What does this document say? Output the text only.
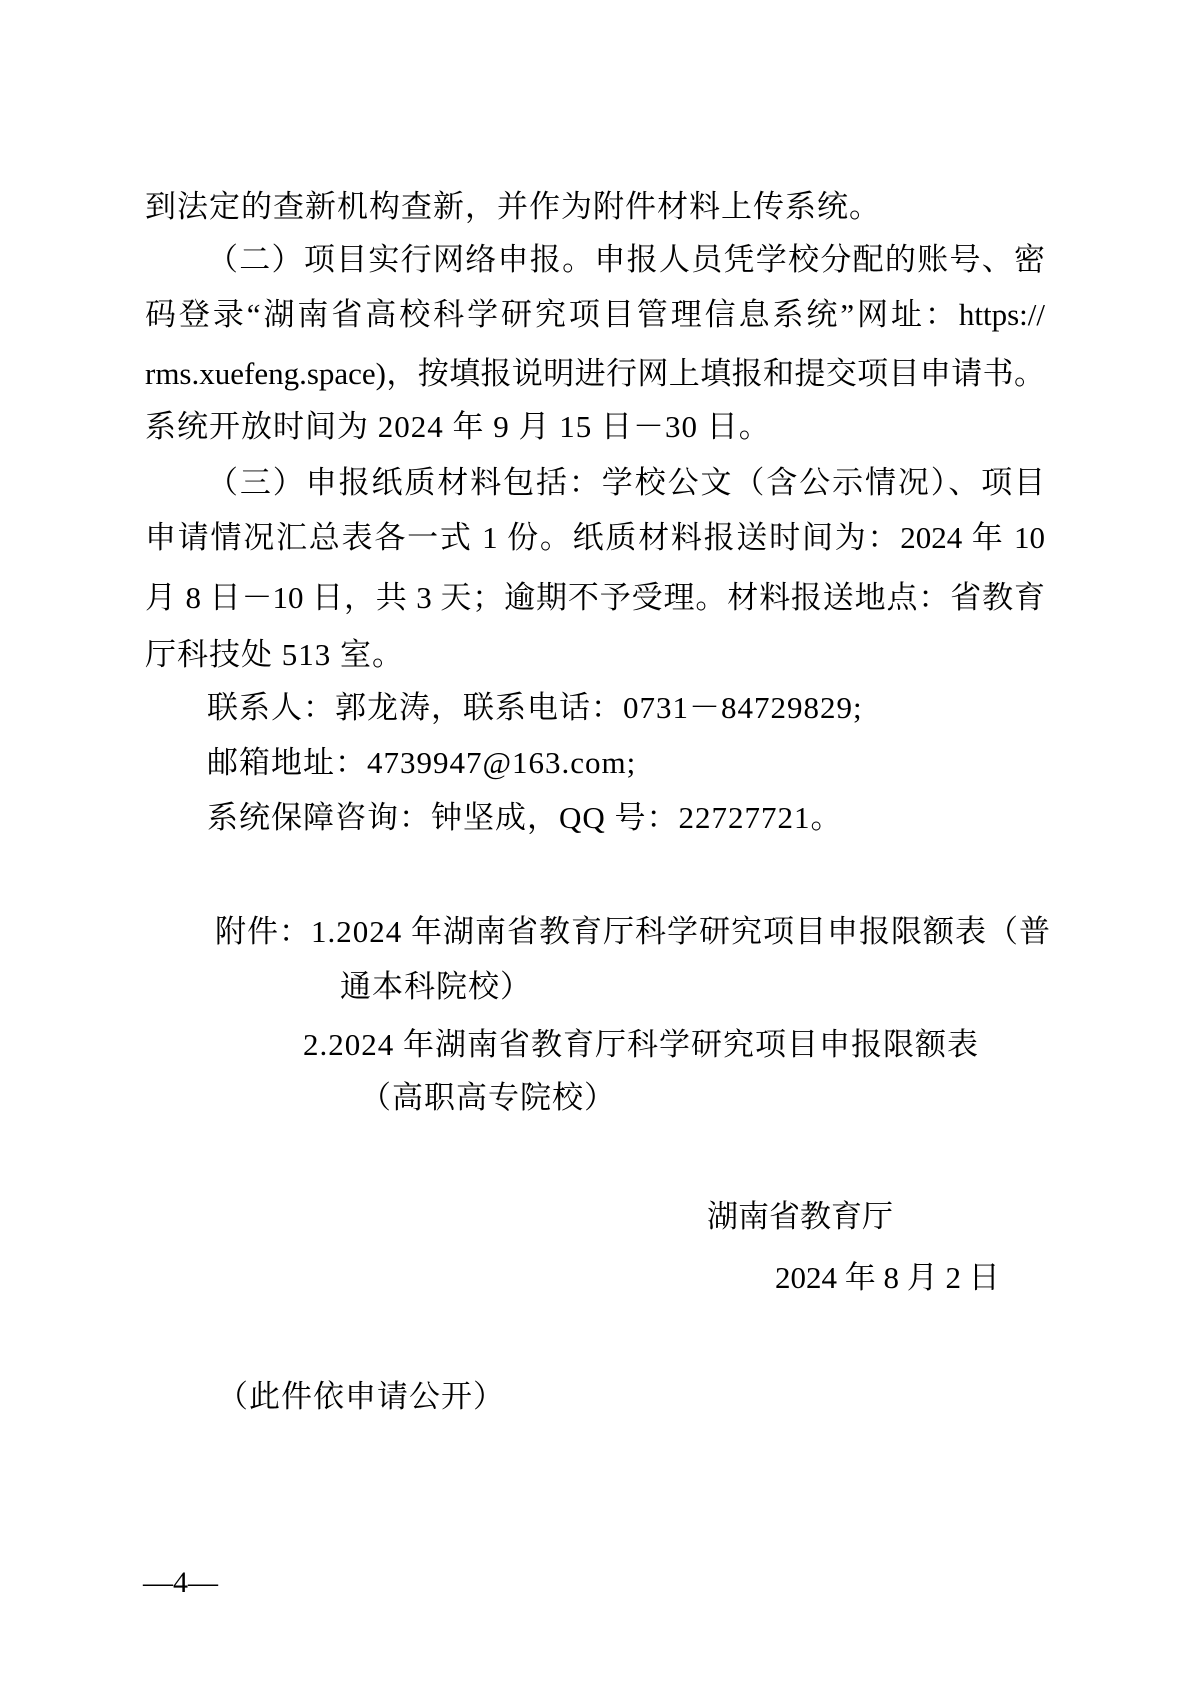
到法定的查新机构查新，并作为附件材料上传系统。
（二）项目实行网络申报。申报人员凭学校分配的账号、密
码登录“湖南省高校科学研究项目管理信息系统”网址：https://
rms.xuefeng.space)，按填报说明进行网上填报和提交项目申请书。
系统开放时间为 2024 年 9 月 15 日－30 日。
（三）申报纸质材料包括：学校公文（含公示情况）、项目
申请情况汇总表各一式 1 份。纸质材料报送时间为：2024 年 10
月 8 日－10 日，共 3 天；逾期不予受理。材料报送地点：省教育
厅科技处 513 室。
联系人：郭龙涛，联系电话：0731－84729829;
邮箱地址：4739947@163.com;
系统保障咨询：钟坚成，QQ 号：22727721。
附件：1.2024 年湖南省教育厅科学研究项目申报限额表（普
通本科院校）
2.2024 年湖南省教育厅科学研究项目申报限额表
（高职高专院校）
湖南省教育厅
2024 年 8 月 2 日
（此件依申请公开）
—4—
